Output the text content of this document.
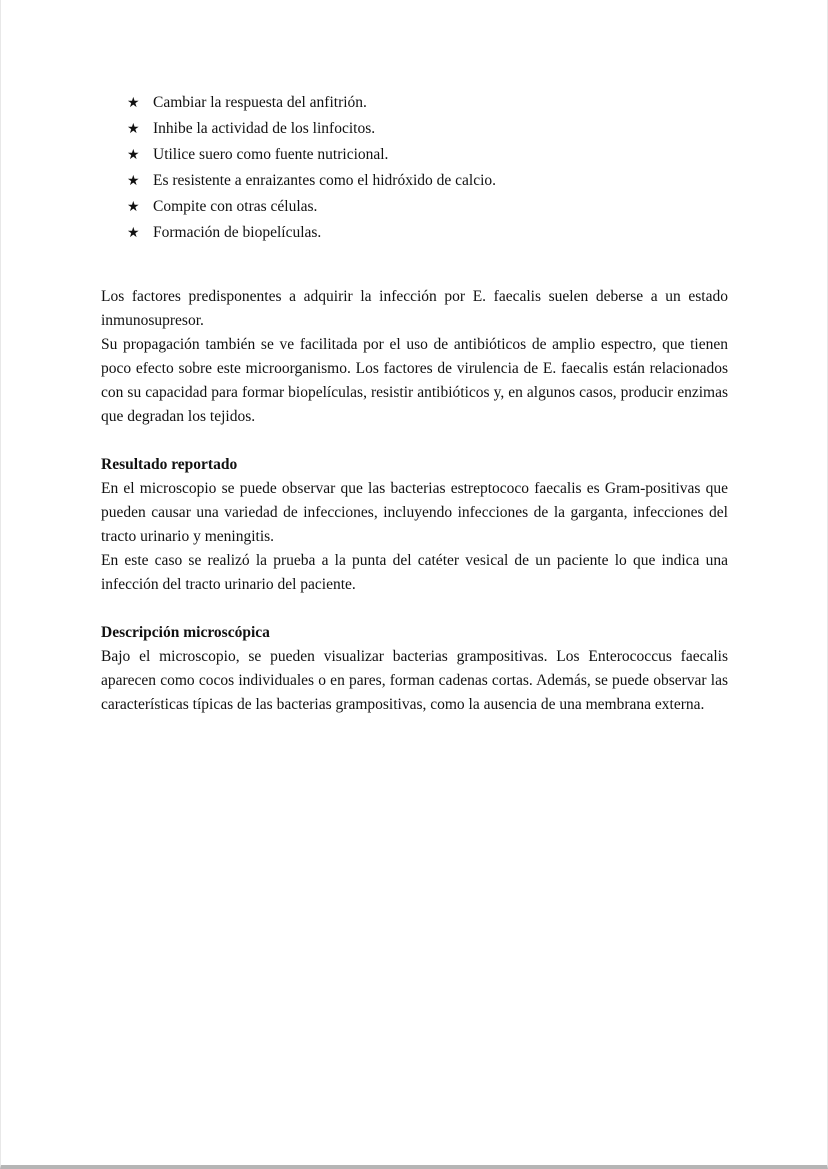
★ Cambiar la respuesta del anfitrión.
★ Inhibe la actividad de los linfocitos.
★ Utilice suero como fuente nutricional.
★ Es resistente a enraizantes como el hidróxido de calcio.
★ Compite con otras células.
★ Formación de biopelículas.

Los factores predisponentes a adquirir la infección por E. faecalis suelen deberse a un estado inmunosupresor.

Su propagación también se ve facilitada por el uso de antibióticos de amplio espectro, que tienen poco efecto sobre este microorganismo. Los factores de virulencia de E. faecalis están relacionados con su capacidad para formar biopelículas, resistir antibióticos y, en algunos casos, producir enzimas que degradan los tejidos.

Resultado reportado

En el microscopio se puede observar que las bacterias estreptococo faecalis es Gram-positivas que pueden causar una variedad de infecciones, incluyendo infecciones de la garganta, infecciones del tracto urinario y meningitis.

En este caso se realizó la prueba a la punta del catéter vesical de un paciente lo que indica una infección del tracto urinario del paciente.

Descripción microscópica

Bajo el microscopio, se pueden visualizar bacterias grampositivas. Los Enterococcus faecalis aparecen como cocos individuales o en pares, forman cadenas cortas. Además, se puede observar las características típicas de las bacterias grampositivas, como la ausencia de una membrana externa.
